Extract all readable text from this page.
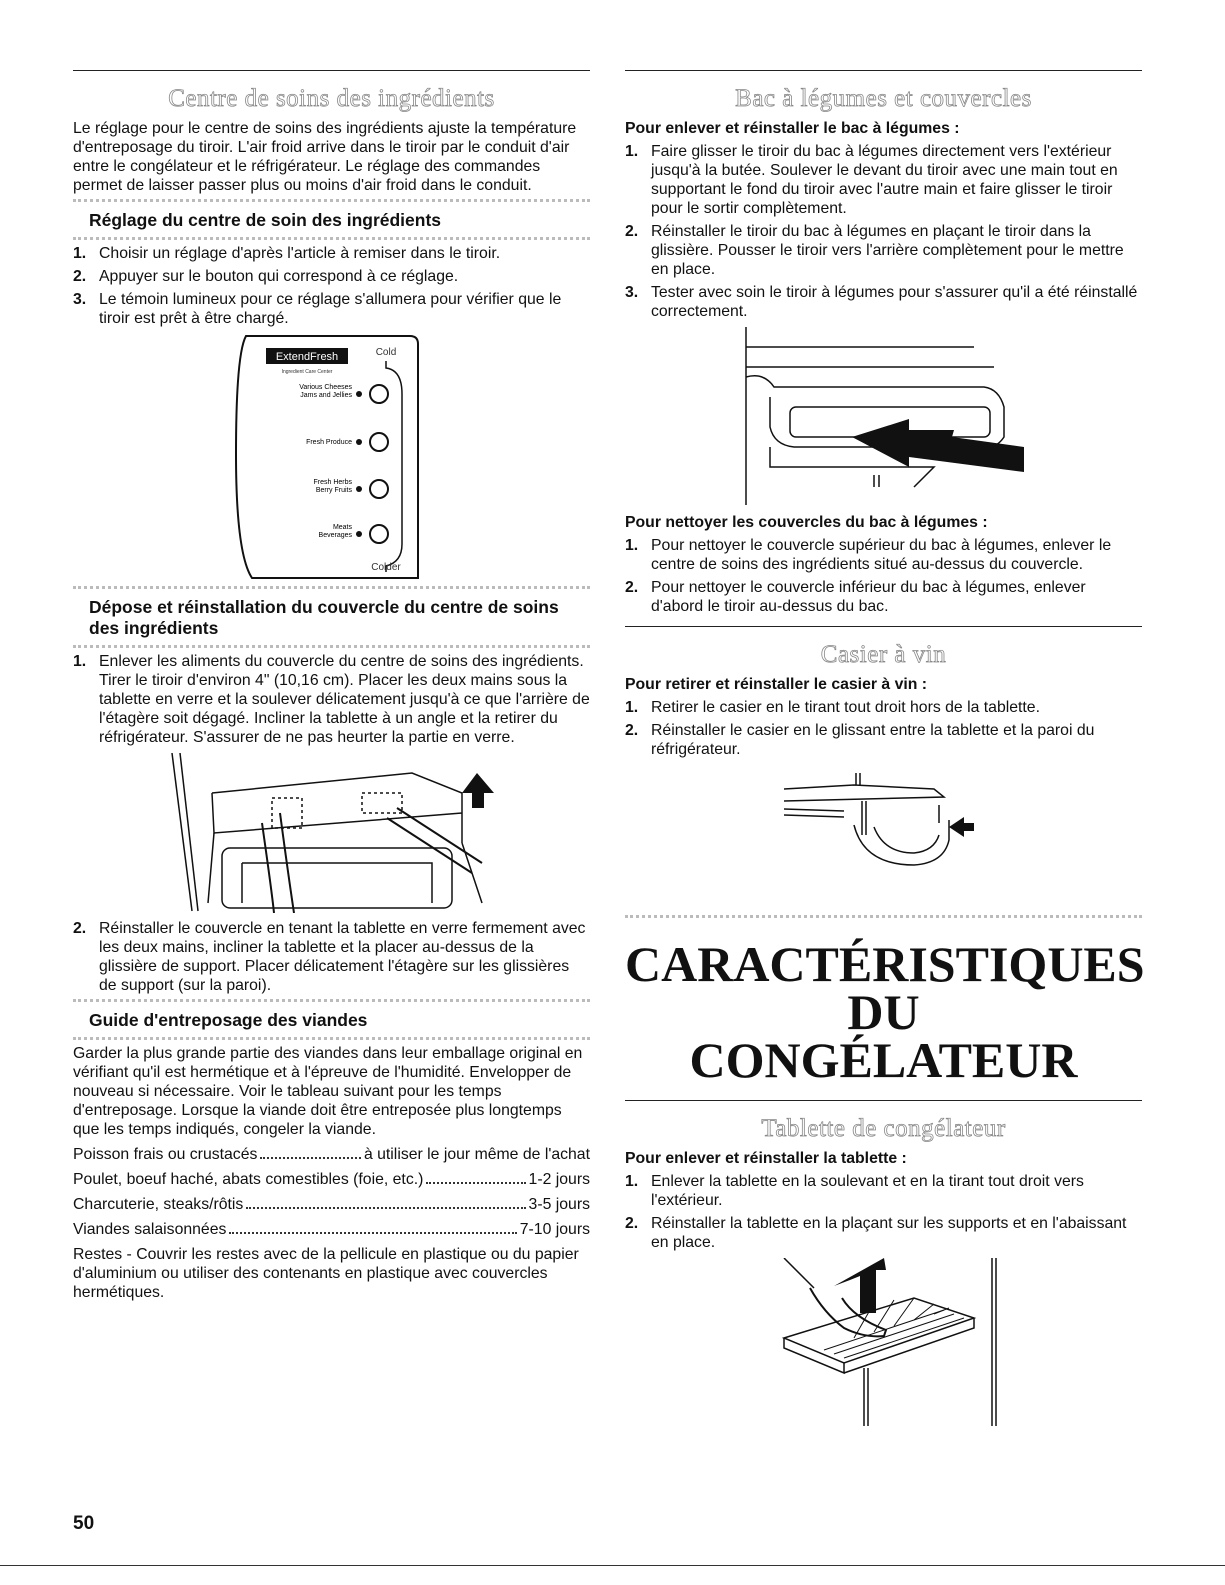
Centre de soins des ingrédients

Le réglage pour le centre de soins des ingrédients ajuste la température d'entreposage du tiroir. L'air froid arrive dans le tiroir par le conduit d'air entre le congélateur et le réfrigérateur. Le réglage des commandes permet de laisser passer plus ou moins d'air froid dans le conduit.

Réglage du centre de soin des ingrédients
1. Choisir un réglage d'après l'article à remiser dans le tiroir.
2. Appuyer sur le bouton qui correspond à ce réglage.
3. Le témoin lumineux pour ce réglage s'allumera pour vérifier que le tiroir est prêt à être chargé.
ExtendFresh
Ingredient Care Center
Cold
Colder
Various Cheeses
Jams and Jellies
Fresh Produce
Fresh Herbs
Berry Fruits
Meats
Beverages
Dépose et réinstallation du couvercle du centre de soins des ingrédients
1. Enlever les aliments du couvercle du centre de soins des ingrédients. Tirer le tiroir d'environ 4" (10,16 cm). Placer les deux mains sous la tablette en verre et la soulever délicatement jusqu'à ce que l'arrière de l'étagère soit dégagé. Incliner la tablette à un angle et la retirer du réfrigérateur. S'assurer de ne pas heurter la partie en verre.
2. Réinstaller le couvercle en tenant la tablette en verre fermement avec les deux mains, incliner la tablette et la placer au-dessus de la glissière de support. Placer délicatement l'étagère sur les glissières de support (sur la paroi).
Guide d'entreposage des viandes

Garder la plus grande partie des viandes dans leur emballage original en vérifiant qu'il est hermétique et à l'épreuve de l'humidité. Envelopper de nouveau si nécessaire. Voir le tableau suivant pour les temps d'entreposage. Lorsque la viande doit être entreposée plus longtemps que les temps indiqués, congeler la viande.

Poisson frais ou crustacés	à utiliser le jour même de l'achat
Poulet, boeuf haché, abats comestibles (foie, etc.)	1-2 jours
Charcuterie, steaks/rôtis	3-5 jours
Viandes salaisonnées	7-10 jours

Restes - Couvrir les restes avec de la pellicule en plastique ou du papier d'aluminium ou utiliser des contenants en plastique avec couvercles hermétiques.

Bac à légumes et couvercles
Pour enlever et réinstaller le bac à légumes :
1. Faire glisser le tiroir du bac à légumes directement vers l'extérieur jusqu'à la butée. Soulever le devant du tiroir avec une main tout en supportant le fond du tiroir avec l'autre main et faire glisser le tiroir pour le sortir complètement.
2. Réinstaller le tiroir du bac à légumes en plaçant le tiroir dans la glissière. Pousser le tiroir vers l'arrière complètement pour le mettre en place.
3. Tester avec soin le tiroir à légumes pour s'assurer qu'il a été réinstallé correctement.
Pour nettoyer les couvercles du bac à légumes :
1. Pour nettoyer le couvercle supérieur du bac à légumes, enlever le centre de soins des ingrédients situé au-dessus du couvercle.
2. Pour nettoyer le couvercle inférieur du bac à légumes, enlever d'abord le tiroir au-dessus du bac.
Casier à vin
Pour retirer et réinstaller le casier à vin :
1. Retirer le casier en le tirant tout droit hors de la tablette.
2. Réinstaller le casier en le glissant entre la tablette et la paroi du réfrigérateur.
CARACTÉRISTIQUES DU
CONGÉLATEUR
Tablette de congélateur
Pour enlever et réinstaller la tablette :
1. Enlever la tablette en la soulevant et en la tirant tout droit vers l'extérieur.
2. Réinstaller la tablette en la plaçant sur les supports et en l'abaissant en place.
50
